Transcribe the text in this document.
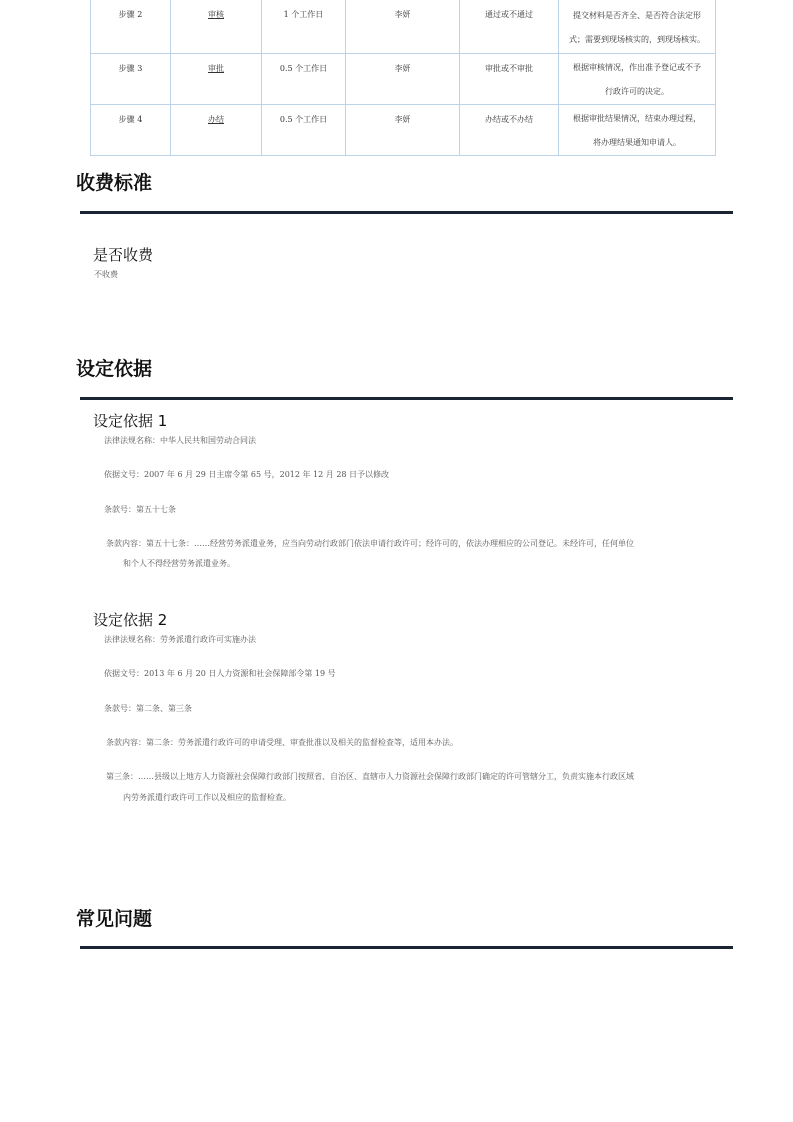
步骤 2	审核	1 个工作日	李妍	通过或不通过	提交材料是否齐全、是否符合法定形
式；需要到现场核实的，到现场核实。

步骤 3	审批	0.5 个工作日	李妍	审批或不审批	根据审核情况，作出准予登记或不予
行政许可的决定。

步骤 4	办结	0.5 个工作日	李妍	办结或不办结	根据审批结果情况，结束办理过程，
将办理结果通知申请人。
收费标准
是否收费
不收费
设定依据
设定依据 1
法律法规名称：中华人民共和国劳动合同法
依据文号：2007 年 6 月 29 日主席令第 65 号，2012 年 12 月 28 日予以修改
条款号：第五十七条
条款内容：第五十七条：……经营劳务派遣业务，应当向劳动行政部门依法申请行政许可；经许可的，依法办理相应的公司登记。未经许可，任何单位
和个人不得经营劳务派遣业务。
设定依据 2
法律法规名称：劳务派遣行政许可实施办法
依据文号：2013 年 6 月 20 日人力资源和社会保障部令第 19 号
条款号：第二条、第三条
条款内容：第二条：劳务派遣行政许可的申请受理、审查批准以及相关的监督检查等，适用本办法。
第三条：……县级以上地方人力资源社会保障行政部门按照省、自治区、直辖市人力资源社会保障行政部门确定的许可管辖分工，负责实施本行政区域
内劳务派遣行政许可工作以及相应的监督检查。
常见问题
